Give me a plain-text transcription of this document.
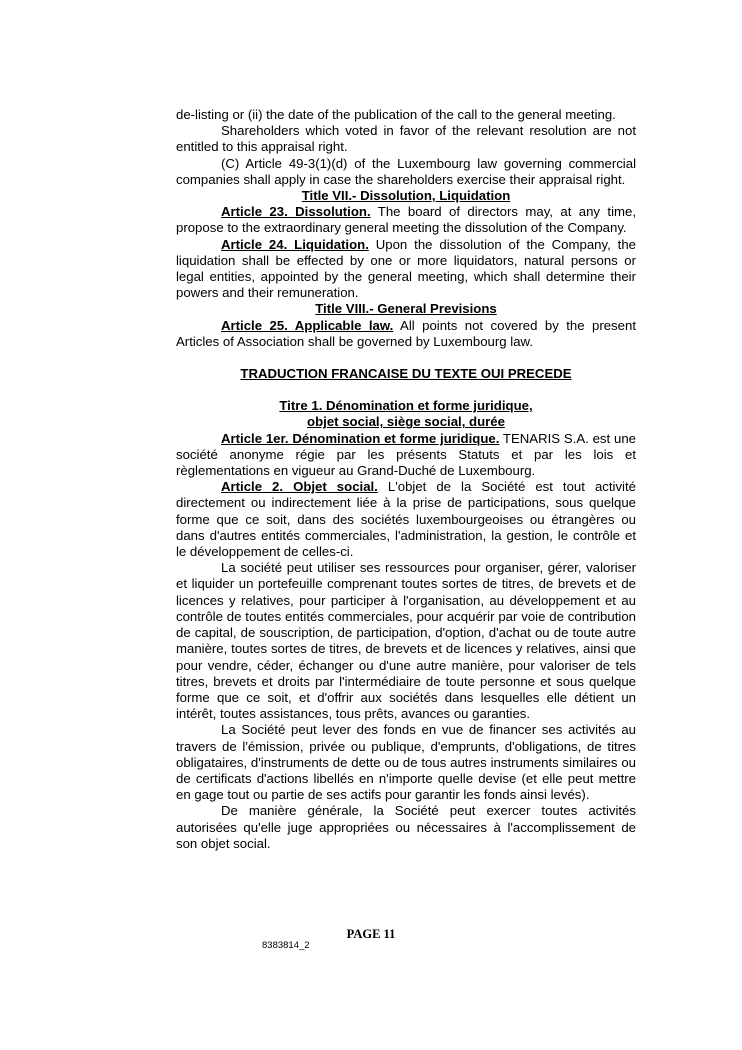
de-listing or (ii) the date of the publication of the call to the general meeting.

Shareholders which voted in favor of the relevant resolution are not entitled to this appraisal right.

(C) Article 49-3(1)(d) of the Luxembourg law governing commercial companies shall apply in case the shareholders exercise their appraisal right.

Title VII.- Dissolution, Liquidation

Article 23. Dissolution. The board of directors may, at any time, propose to the extraordinary general meeting the dissolution of the Company.

Article 24. Liquidation. Upon the dissolution of the Company, the liquidation shall be effected by one or more liquidators, natural persons or legal entities, appointed by the general meeting, which shall determine their powers and their remuneration.

Title VIII.- General Previsions

Article 25. Applicable law. All points not covered by the present Articles of Association shall be governed by Luxembourg law.

TRADUCTION FRANCAISE DU TEXTE OUI PRECEDE

Titre 1. Dénomination et forme juridique,

objet social, siège social, durée

Article 1er. Dénomination et forme juridique. TENARIS S.A. est une société anonyme régie par les présents Statuts et par les lois et règlementations en vigueur au Grand-Duché de Luxembourg.

Article 2. Objet social. L'objet de la Société est tout activité directement ou indirectement liée à la prise de participations, sous quelque forme que ce soit, dans des sociétés luxembourgeoises ou étrangères ou dans d'autres entités commerciales, l'administration, la gestion, le contrôle et le développement de celles-ci.

La société peut utiliser ses ressources pour organiser, gérer, valoriser et liquider un portefeuille comprenant toutes sortes de titres, de brevets et de licences y relatives, pour participer à l'organisation, au développement et au contrôle de toutes entités commerciales, pour acquérir par voie de contribution de capital, de souscription, de participation, d'option, d'achat ou de toute autre manière, toutes sortes de titres, de brevets et de licences y relatives, ainsi que pour vendre, céder, échanger ou d'une autre manière, pour valoriser de tels titres, brevets et droits par l'intermédiaire de toute personne et sous quelque forme que ce soit, et d'offrir aux sociétés dans lesquelles elle détient un intérêt, toutes assistances, tous prêts, avances ou garanties.

La Société peut lever des fonds en vue de financer ses activités au travers de l'émission, privée ou publique, d'emprunts, d'obligations, de titres obligataires, d'instruments de dette ou de tous autres instruments similaires ou de certificats d'actions libellés en n'importe quelle devise (et elle peut mettre en gage tout ou partie de ses actifs pour garantir les fonds ainsi levés).

De manière générale, la Société peut exercer toutes activités autorisées qu'elle juge appropriées ou nécessaires à l'accomplissement de son objet social.

PAGE 11
8383814_2
